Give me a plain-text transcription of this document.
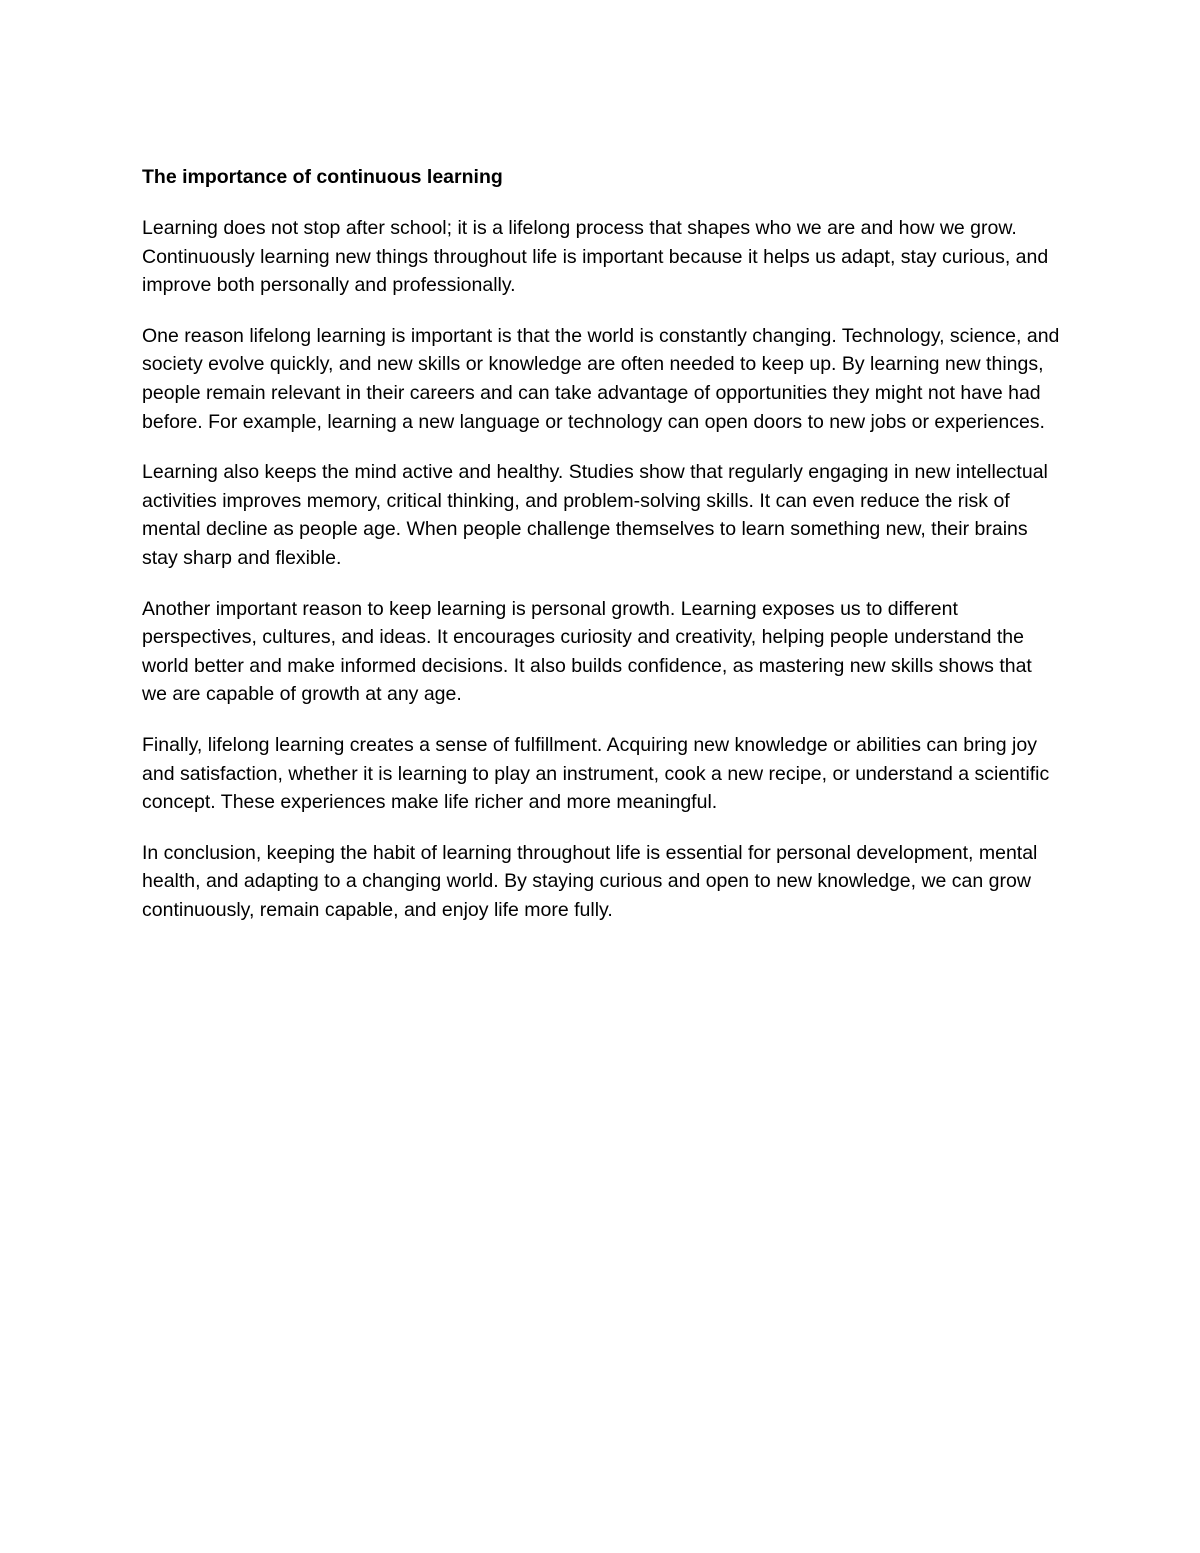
The importance of continuous learning

Learning does not stop after school; it is a lifelong process that shapes who we are and how we grow. Continuously learning new things throughout life is important because it helps us adapt, stay curious, and improve both personally and professionally.

One reason lifelong learning is important is that the world is constantly changing. Technology, science, and society evolve quickly, and new skills or knowledge are often needed to keep up. By learning new things, people remain relevant in their careers and can take advantage of opportunities they might not have had before. For example, learning a new language or technology can open doors to new jobs or experiences.

Learning also keeps the mind active and healthy. Studies show that regularly engaging in new intellectual activities improves memory, critical thinking, and problem-solving skills. It can even reduce the risk of mental decline as people age. When people challenge themselves to learn something new, their brains stay sharp and flexible.

Another important reason to keep learning is personal growth. Learning exposes us to different perspectives, cultures, and ideas. It encourages curiosity and creativity, helping people understand the world better and make informed decisions. It also builds confidence, as mastering new skills shows that we are capable of growth at any age.

Finally, lifelong learning creates a sense of fulfillment. Acquiring new knowledge or abilities can bring joy and satisfaction, whether it is learning to play an instrument, cook a new recipe, or understand a scientific concept. These experiences make life richer and more meaningful.

In conclusion, keeping the habit of learning throughout life is essential for personal development, mental health, and adapting to a changing world. By staying curious and open to new knowledge, we can grow continuously, remain capable, and enjoy life more fully.
